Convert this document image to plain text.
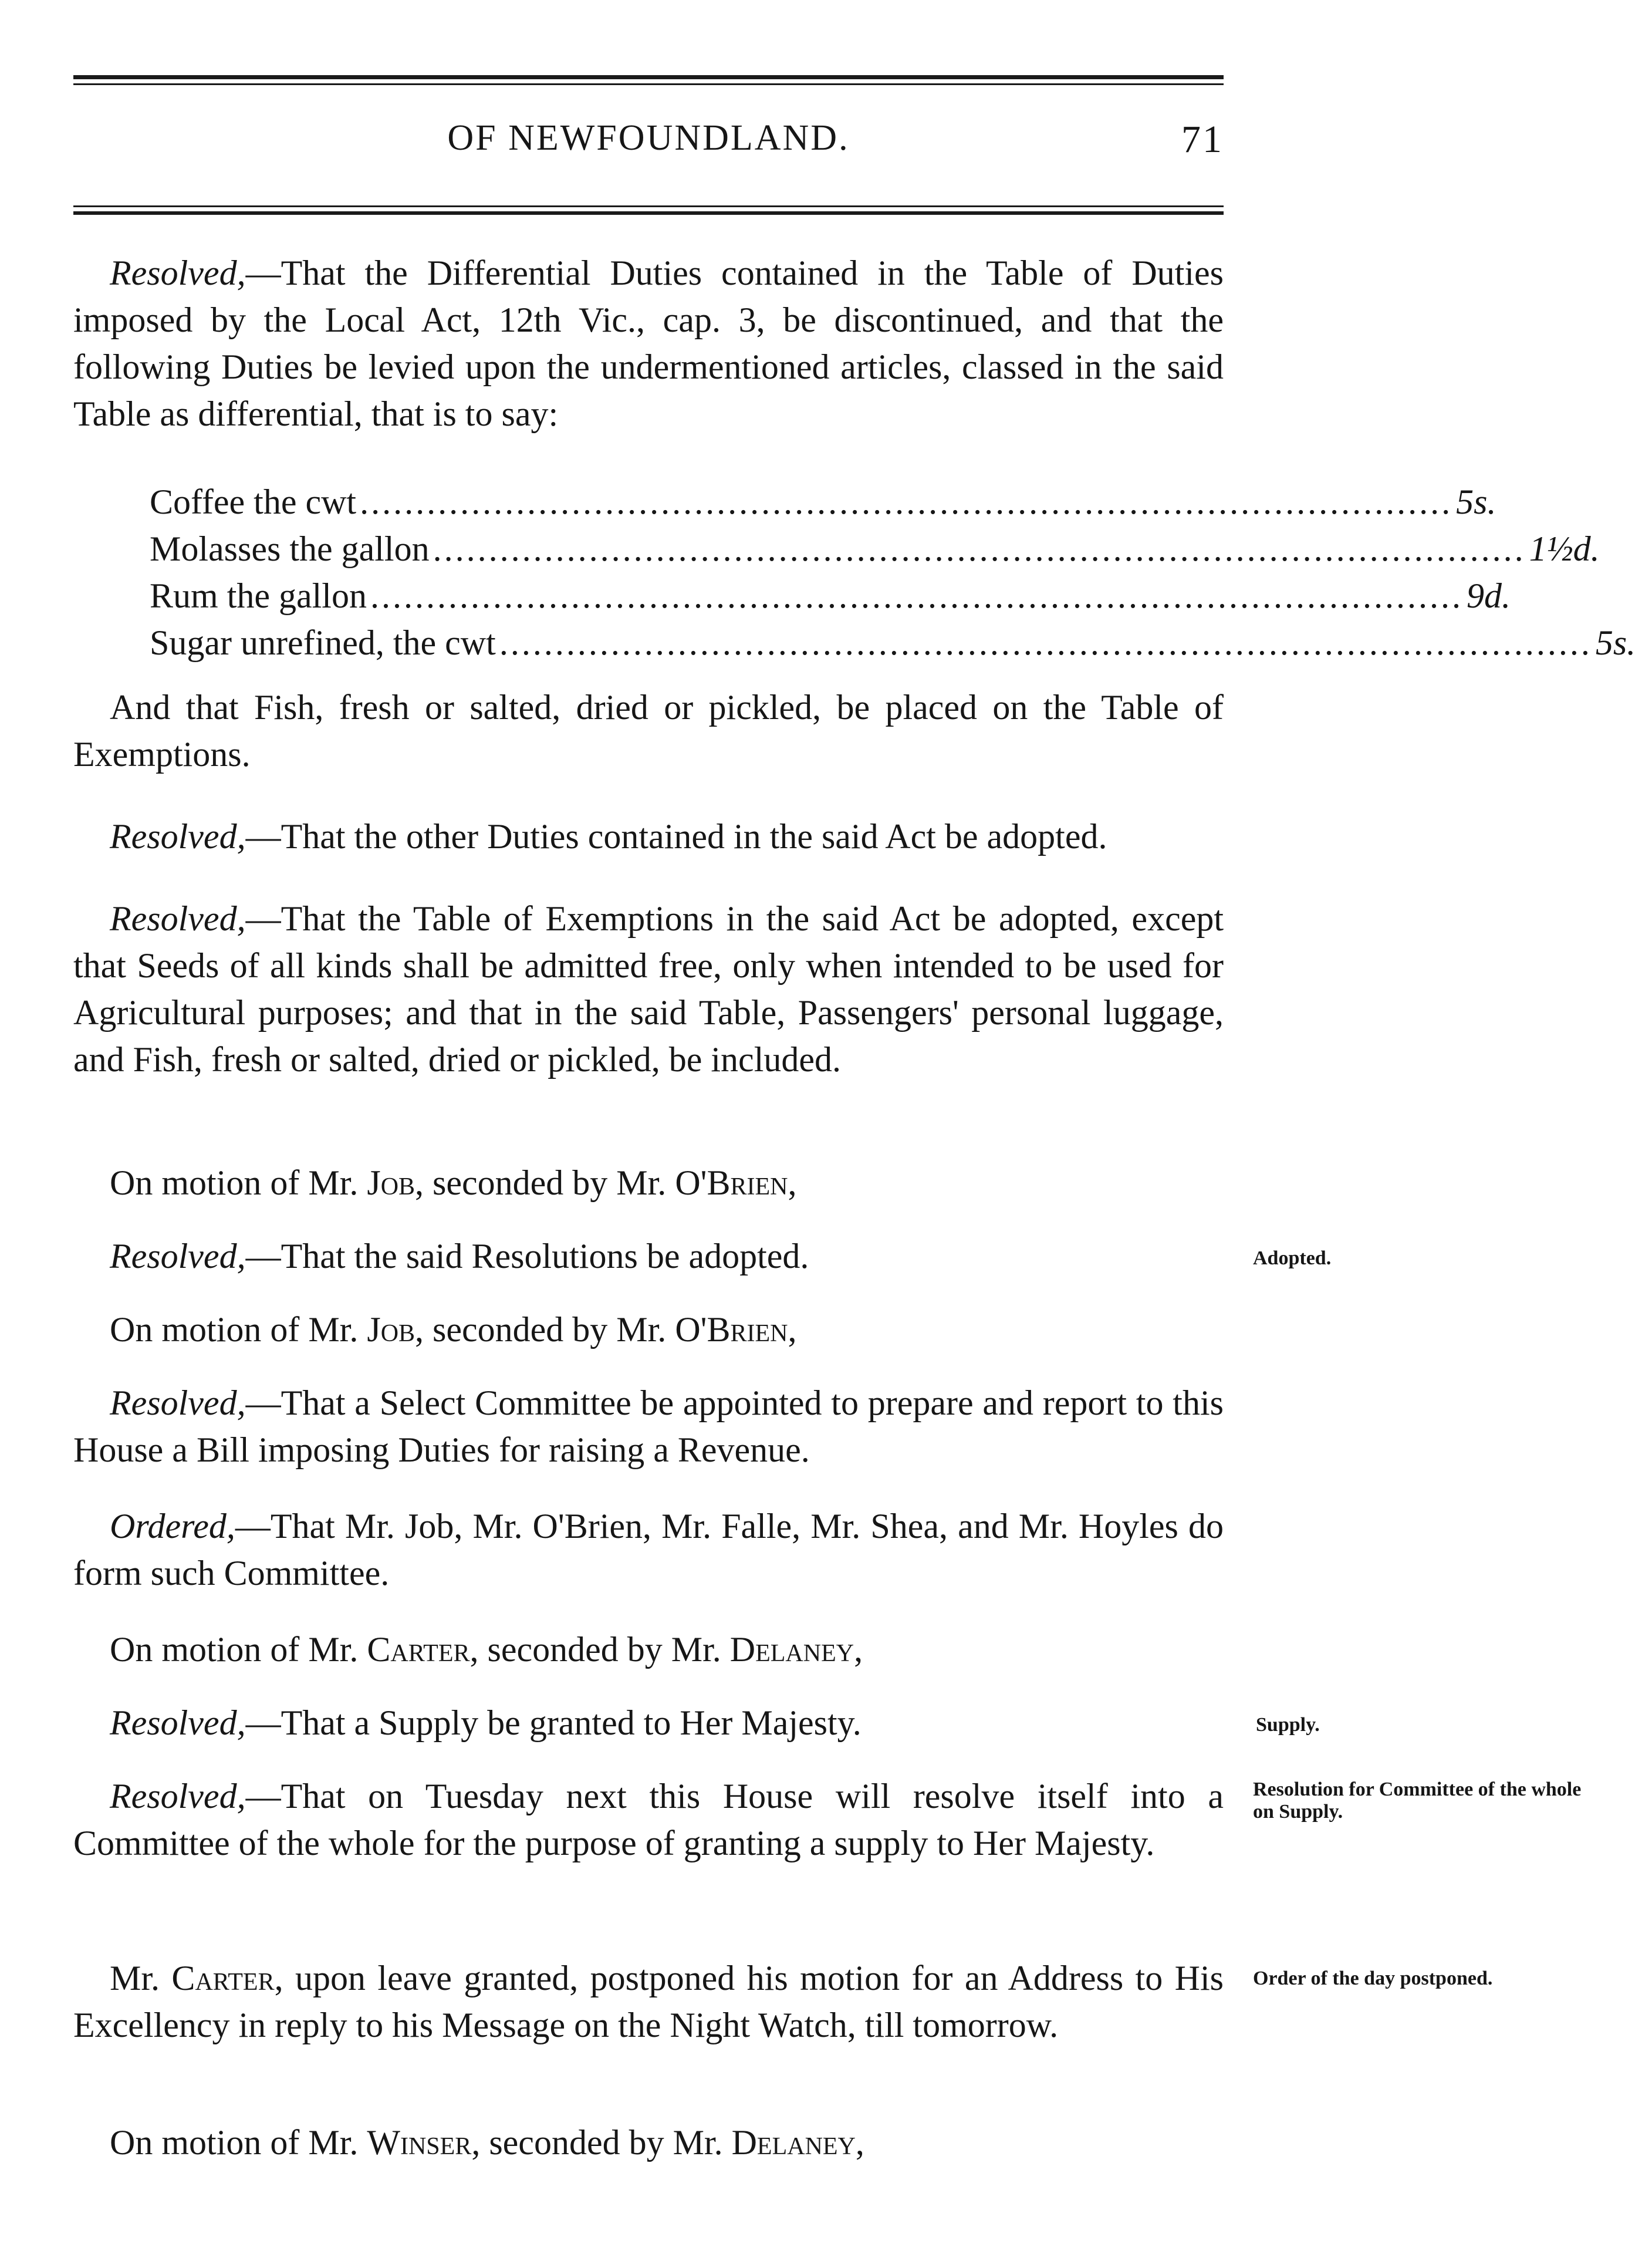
OF NEWFOUNDLAND.	71

Resolved,—That the Differential Duties contained in the Table of Duties imposed by the Local Act, 12th Vic., cap. 3, be discontinued, and that the following Duties be levied upon the undermentioned articles, classed in the said Table as differential, that is to say:

And that Fish, fresh or salted, dried or pickled, be placed on the Table of Exemptions.

Resolved,—That the other Duties contained in the said Act be adopted.

Resolved,—That the Table of Exemptions in the said Act be adopted, except that Seeds of all kinds shall be admitted free, only when intended to be used for Agricultural purposes; and that in the said Table, Passengers' personal luggage, and Fish, fresh or salted, dried or pickled, be included.

On motion of Mr. Job, seconded by Mr. O'Brien,

Resolved,—That the said Resolutions be adopted.

On motion of Mr. Job, seconded by Mr. O'Brien,

Resolved,—That a Select Committee be appointed to prepare and report to this House a Bill imposing Duties for raising a Revenue.

Ordered,—That Mr. Job, Mr. O'Brien, Mr. Falle, Mr. Shea, and Mr. Hoyles do form such Committee.

On motion of Mr. Carter, seconded by Mr. Delaney,

Resolved,—That a Supply be granted to Her Majesty.

Resolved,—That on Tuesday next this House will resolve itself into a Committee of the whole for the purpose of granting a supply to Her Majesty.

Mr. Carter, upon leave granted, postponed his motion for an Address to His Excellency in reply to his Message on the Night Watch, till tomorrow.

On motion of Mr. Winser, seconded by Mr. Delaney,

Coffee the cwt .................................................................................................. 5s.
Molasses the gallon .................................................................................................. 1½d.
Rum the gallon .................................................................................................. 9d.
Sugar unrefined, the cwt .................................................................................................. 5s.
Adopted.
Supply.
Resolution for Committee of the whole on Supply.
Order of the day postponed.
